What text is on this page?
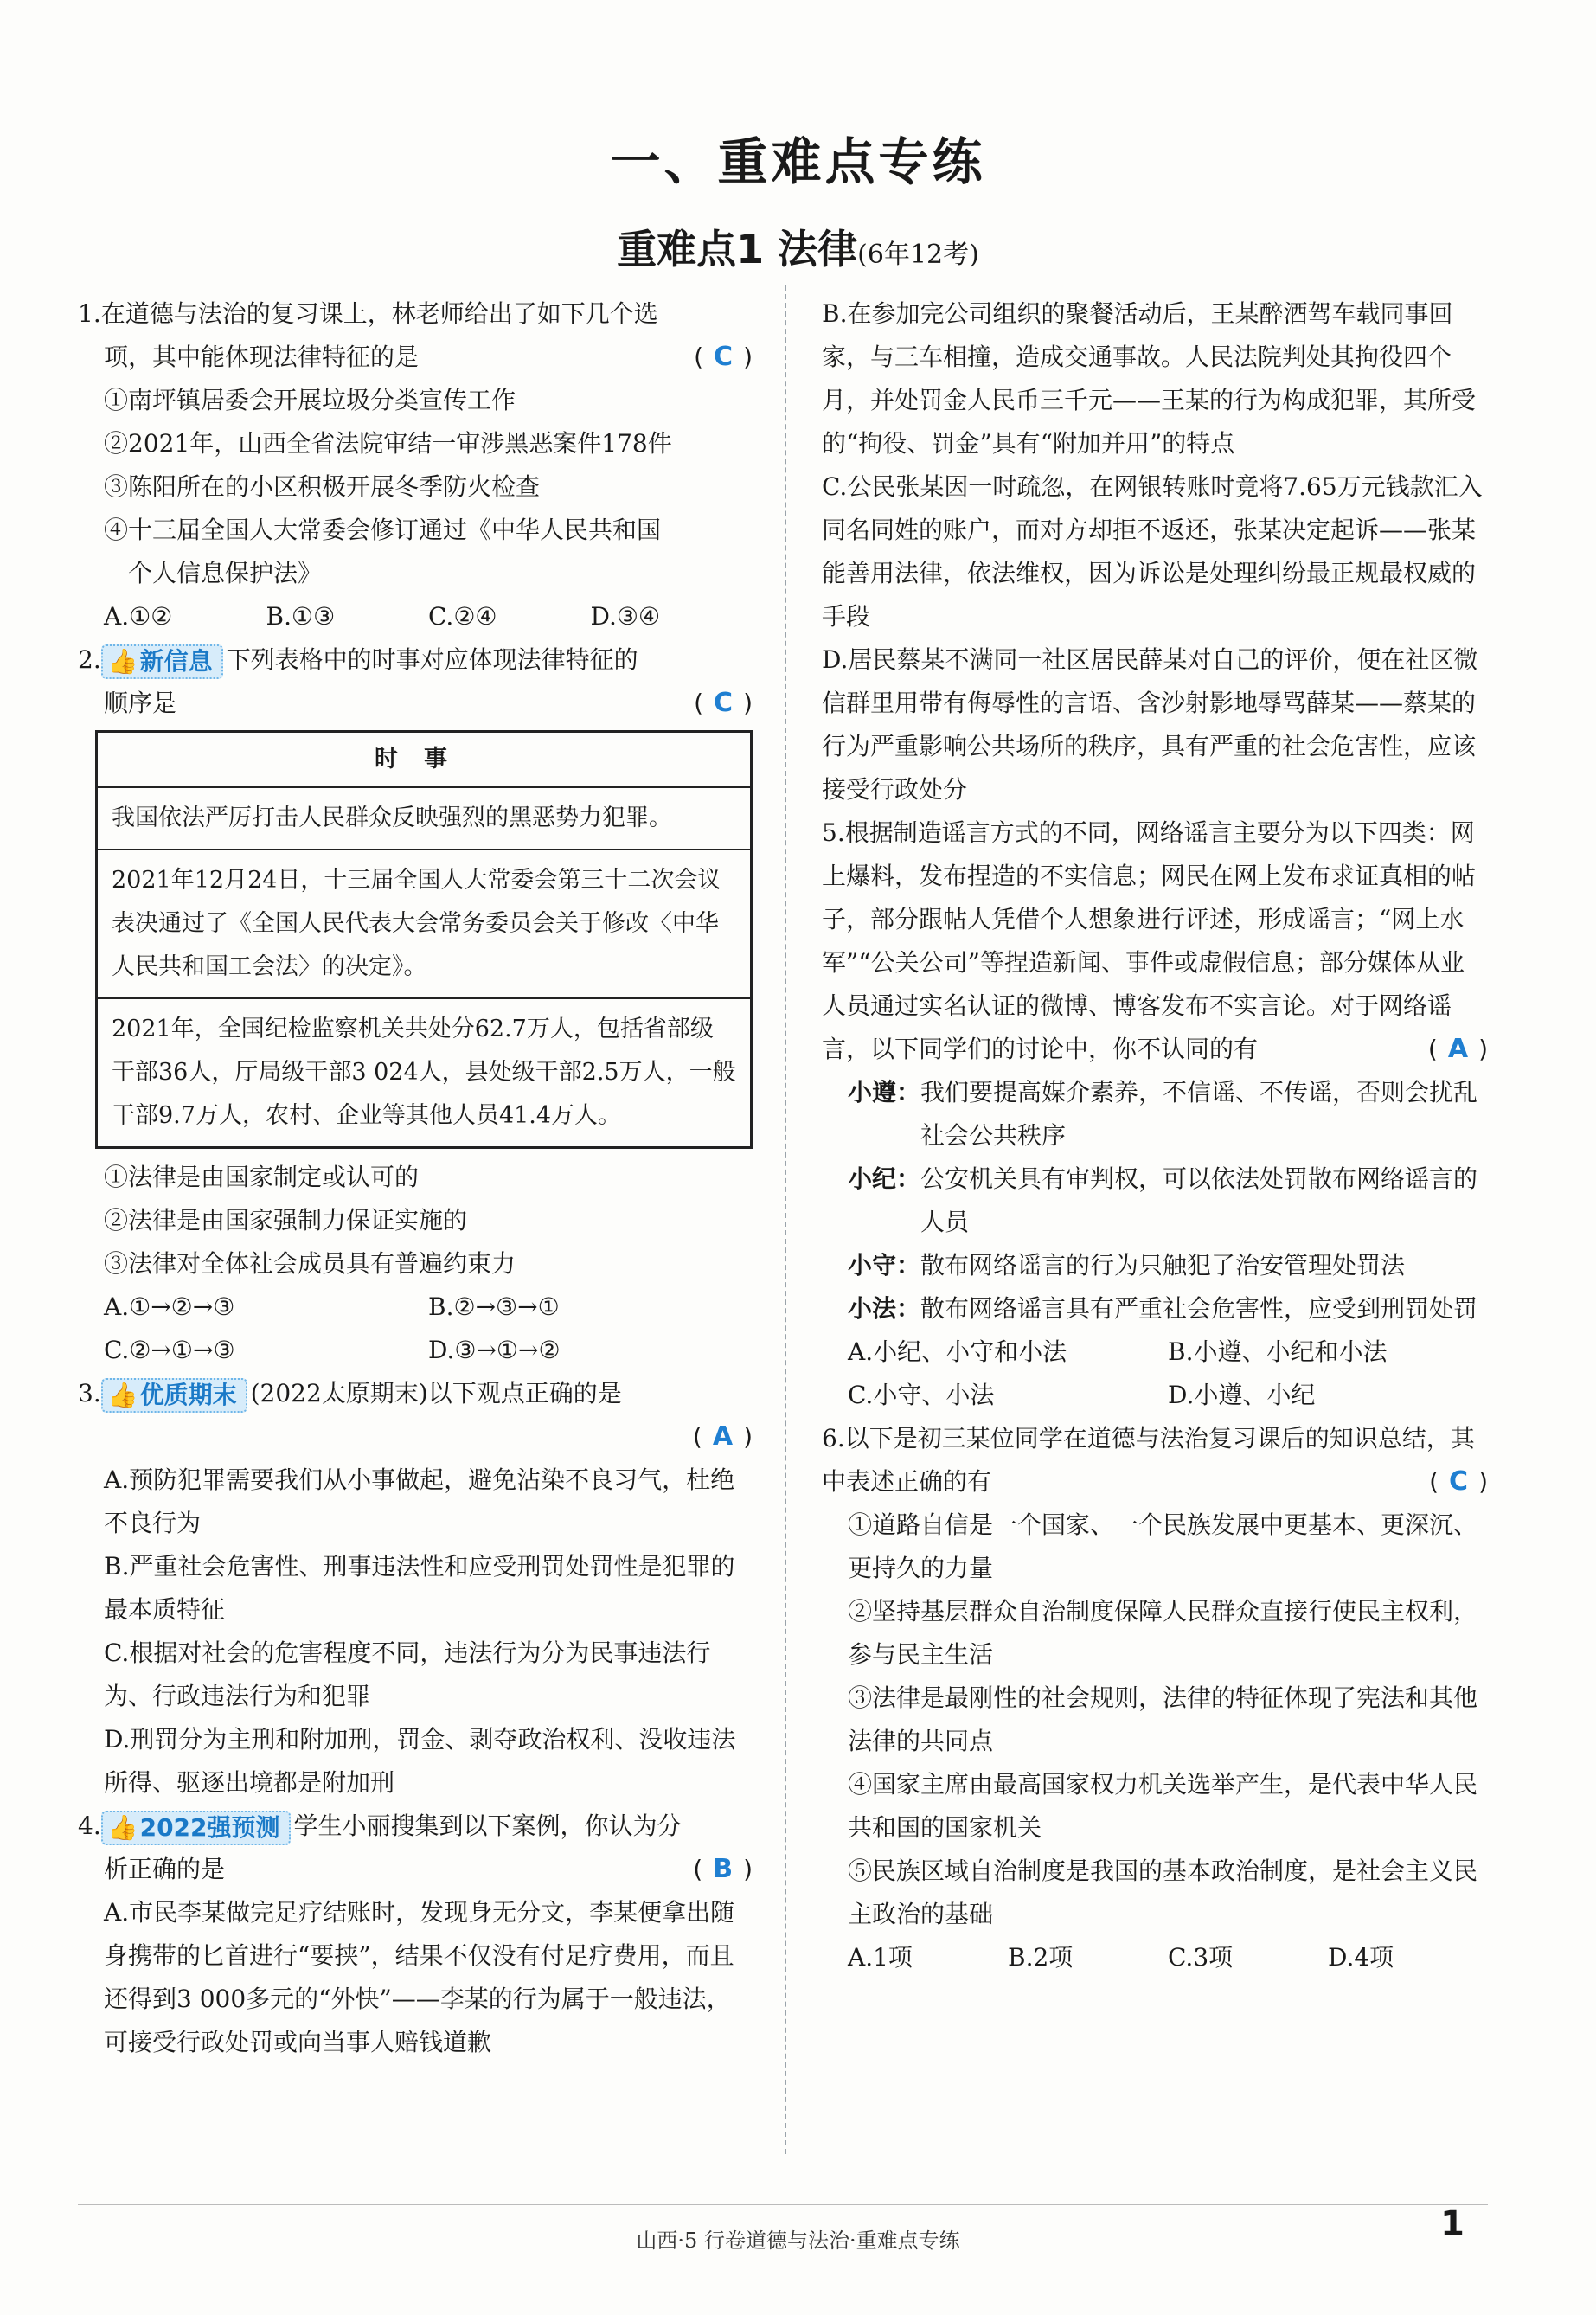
一、重难点专练
重难点1 法律(6年12考)
1.在道德与法治的复习课上，林老师给出了如下几个选
项，其中能体现法律特征的是	( C )
①南坪镇居委会开展垃圾分类宣传工作
②2021年，山西全省法院审结一审涉黑恶案件178件
③陈阳所在的小区积极开展冬季防火检查
④十三届全国人大常委会修订通过《中华人民共和国
个人信息保护法》
A.①②	B.①③	C.②④	D.③④
2. 👍新信息 下列表格中的时事对应体现法律特征的
顺序是	( C )
时事
我国依法严厉打击人民群众反映强烈的黑恶势力犯罪。
2021年12月24日，十三届全国人大常委会第三十二次会议表决通过了《全国人民代表大会常务委员会关于修改〈中华人民共和国工会法〉的决定》。
2021年，全国纪检监察机关共处分62.7万人，包括省部级干部36人，厅局级干部3 024人，县处级干部2.5万人，一般干部9.7万人，农村、企业等其他人员41.4万人。
①法律是由国家制定或认可的
②法律是由国家强制力保证实施的
③法律对全体社会成员具有普遍约束力
A.①→②→③	B.②→③→①
C.②→①→③	D.③→①→②
3. 👍优质期末 (2022太原期末)以下观点正确的是
( A )
A.预防犯罪需要我们从小事做起，避免沾染不良习气，杜绝不良行为
B.严重社会危害性、刑事违法性和应受刑罚处罚性是犯罪的最本质特征
C.根据对社会的危害程度不同，违法行为分为民事违法行为、行政违法行为和犯罪
D.刑罚分为主刑和附加刑，罚金、剥夺政治权利、没收违法所得、驱逐出境都是附加刑
4. 👍2022强预测 学生小丽搜集到以下案例，你认为分
析正确的是	( B )
A.市民李某做完足疗结账时，发现身无分文，李某便拿出随身携带的匕首进行“要挟”，结果不仅没有付足疗费用，而且还得到3 000多元的“外快”——李某的行为属于一般违法，可接受行政处罚或向当事人赔钱道歉
B.在参加完公司组织的聚餐活动后，王某醉酒驾车载同事回家，与三车相撞，造成交通事故。人民法院判处其拘役四个月，并处罚金人民币三千元——王某的行为构成犯罪，其所受的“拘役、罚金”具有“附加并用”的特点
C.公民张某因一时疏忽，在网银转账时竟将7.65万元钱款汇入同名同姓的账户，而对方却拒不返还，张某决定起诉——张某能善用法律，依法维权，因为诉讼是处理纠纷最正规最权威的手段
D.居民蔡某不满同一社区居民薛某对自己的评价，便在社区微信群里用带有侮辱性的言语、含沙射影地辱骂薛某——蔡某的行为严重影响公共场所的秩序，具有严重的社会危害性，应该接受行政处分
5.根据制造谣言方式的不同，网络谣言主要分为以下四类：网上爆料，发布捏造的不实信息；网民在网上发布求证真相的帖子，部分跟帖人凭借个人想象进行评述，形成谣言；“网上水军”“公关公司”等捏造新闻、事件或虚假信息；部分媒体从业人员通过实名认证的微博、博客发布不实言论。对于网络谣言，以下同学们的讨论中，你不认同的有	( A )
小遵： 我们要提高媒介素养，不信谣、不传谣，否则会扰乱社会公共秩序
小纪： 公安机关具有审判权，可以依法处罚散布网络谣言的人员
小守： 散布网络谣言的行为只触犯了治安管理处罚法
小法： 散布网络谣言具有严重社会危害性，应受到刑罚处罚
A.小纪、小守和小法	B.小遵、小纪和小法
C.小守、小法	D.小遵、小纪
6.以下是初三某位同学在道德与法治复习课后的知识总结，其中表述正确的有	( C )
①道路自信是一个国家、一个民族发展中更基本、更深沉、更持久的力量
②坚持基层群众自治制度保障人民群众直接行使民主权利，参与民主生活
③法律是最刚性的社会规则，法律的特征体现了宪法和其他法律的共同点
④国家主席由最高国家权力机关选举产生，是代表中华人民共和国的国家机关
⑤民族区域自治制度是我国的基本政治制度，是社会主义民主政治的基础
A.1项	B.2项	C.3项	D.4项
山西·5 行卷道德与法治·重难点专练	1
